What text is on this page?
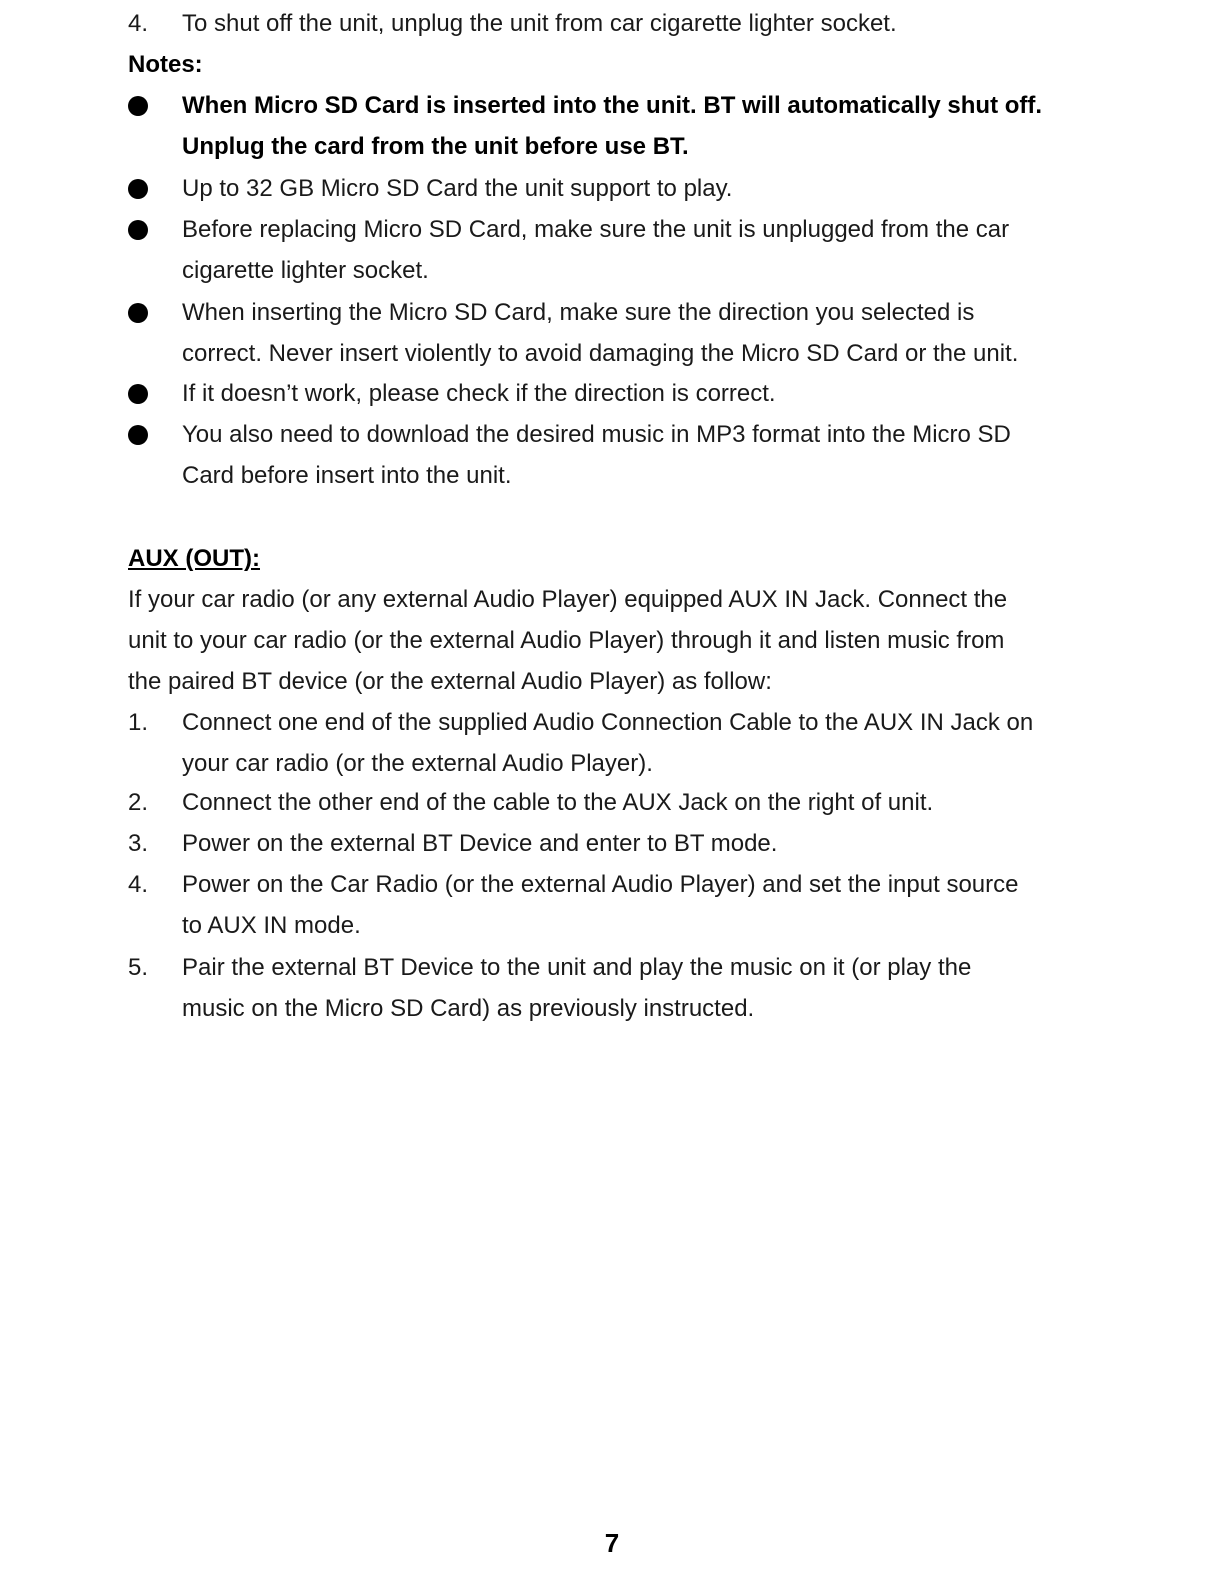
4.	To shut off the unit, unplug the unit from car cigarette lighter socket.
Notes:
When Micro SD Card is inserted into the unit. BT will automatically shut off.
Unplug the card from the unit before use BT.
Up to 32 GB Micro SD Card the unit support to play.
Before replacing Micro SD Card, make sure the unit is unplugged from the car
cigarette lighter socket.
When inserting the Micro SD Card, make sure the direction you selected is
correct. Never insert violently to avoid damaging the Micro SD Card or the unit.
If it doesn’t work, please check if the direction is correct.
You also need to download the desired music in MP3 format into the Micro SD
Card before insert into the unit.
AUX (OUT):
If your car radio (or any external Audio Player) equipped AUX IN Jack. Connect the
unit to your car radio (or the external Audio Player) through it and listen music from
the paired BT device (or the external Audio Player) as follow:
1.	Connect one end of the supplied Audio Connection Cable to the AUX IN Jack on
your car radio (or the external Audio Player).
2.	Connect the other end of the cable to the AUX Jack on the right of unit.
3.	Power on the external BT Device and enter to BT mode.
4.	Power on the Car Radio (or the external Audio Player) and set the input source
to AUX IN mode.
5.	Pair the external BT Device to the unit and play the music on it (or play the
music on the Micro SD Card) as previously instructed.
7
